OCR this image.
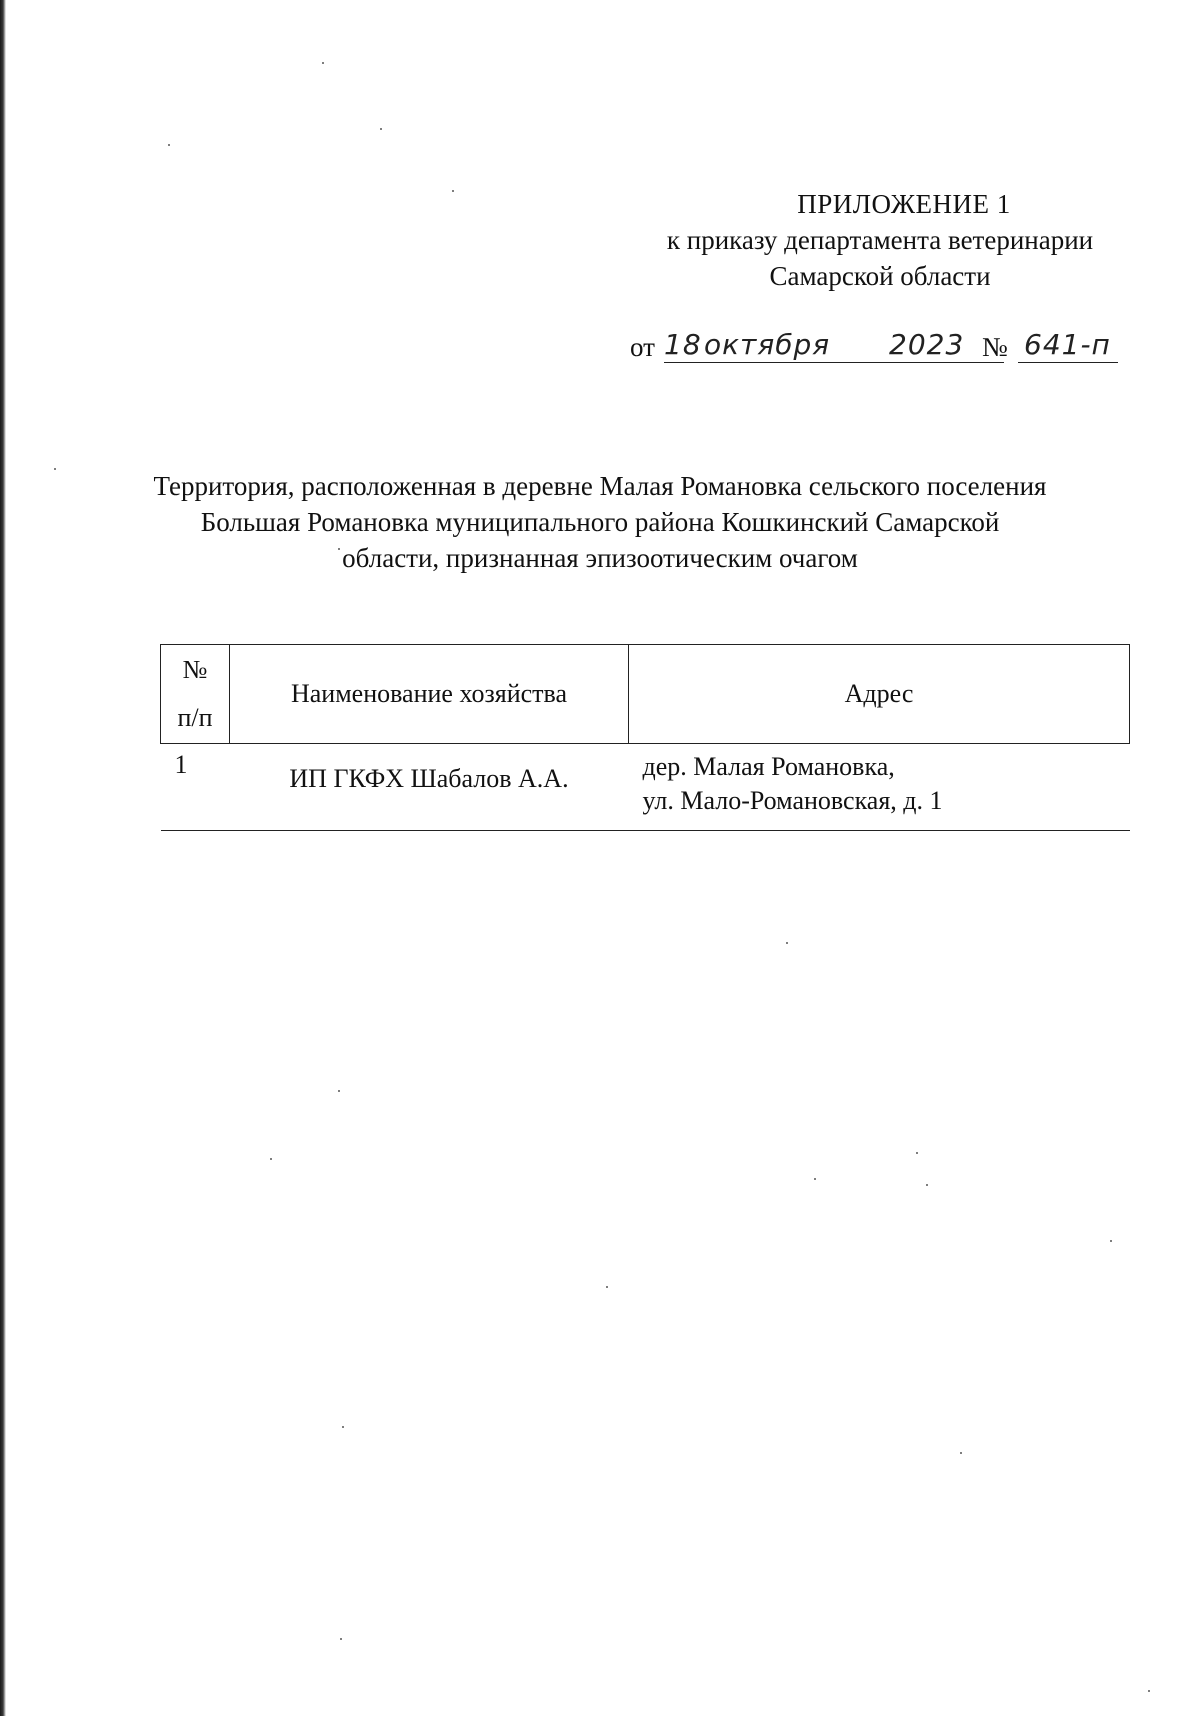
ПРИЛОЖЕНИЕ 1
к приказу департамента ветеринарии
Самарской области
от 18 октября 2023 № 641-п
Территория, расположенная в деревне Малая Романовка сельского поселения
Большая Романовка муниципального района Кошкинский Самарской
области, признанная эпизоотическим очагом
№
п/п	Наименование хозяйства	Адрес
1	ИП ГКФХ Шабалов А.А.	дер. Малая Романовка,
ул. Мало-Романовская, д. 1
